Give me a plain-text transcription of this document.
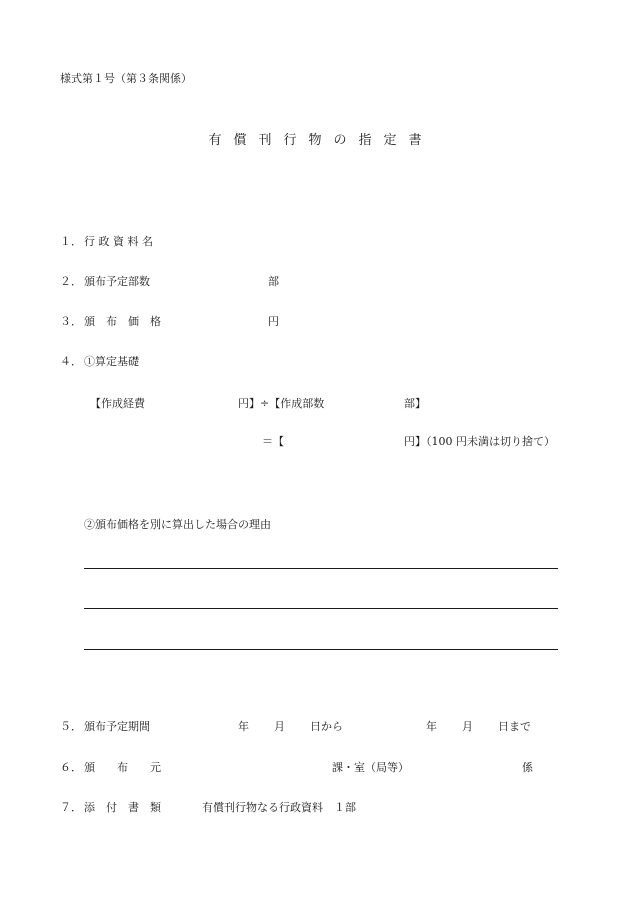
様式第１号（第３条関係）
有償刊行物の指定書
１． 行 政 資 料 名
２． 頒布予定部数	部
３． 頒　布　価　格	円
４． ①算定基礎
【作成経費	円】÷【作成部数	部】
＝【	円】（100 円未満は切り捨て）
②頒布価格を別に算出した場合の理由
５． 頒布予定期間	年 月 日から	年 月 日まで
６． 頒　　布　　元	課・室（局等）	係
７． 添　付　書　類	有償刊行物なる行政資料　１部
